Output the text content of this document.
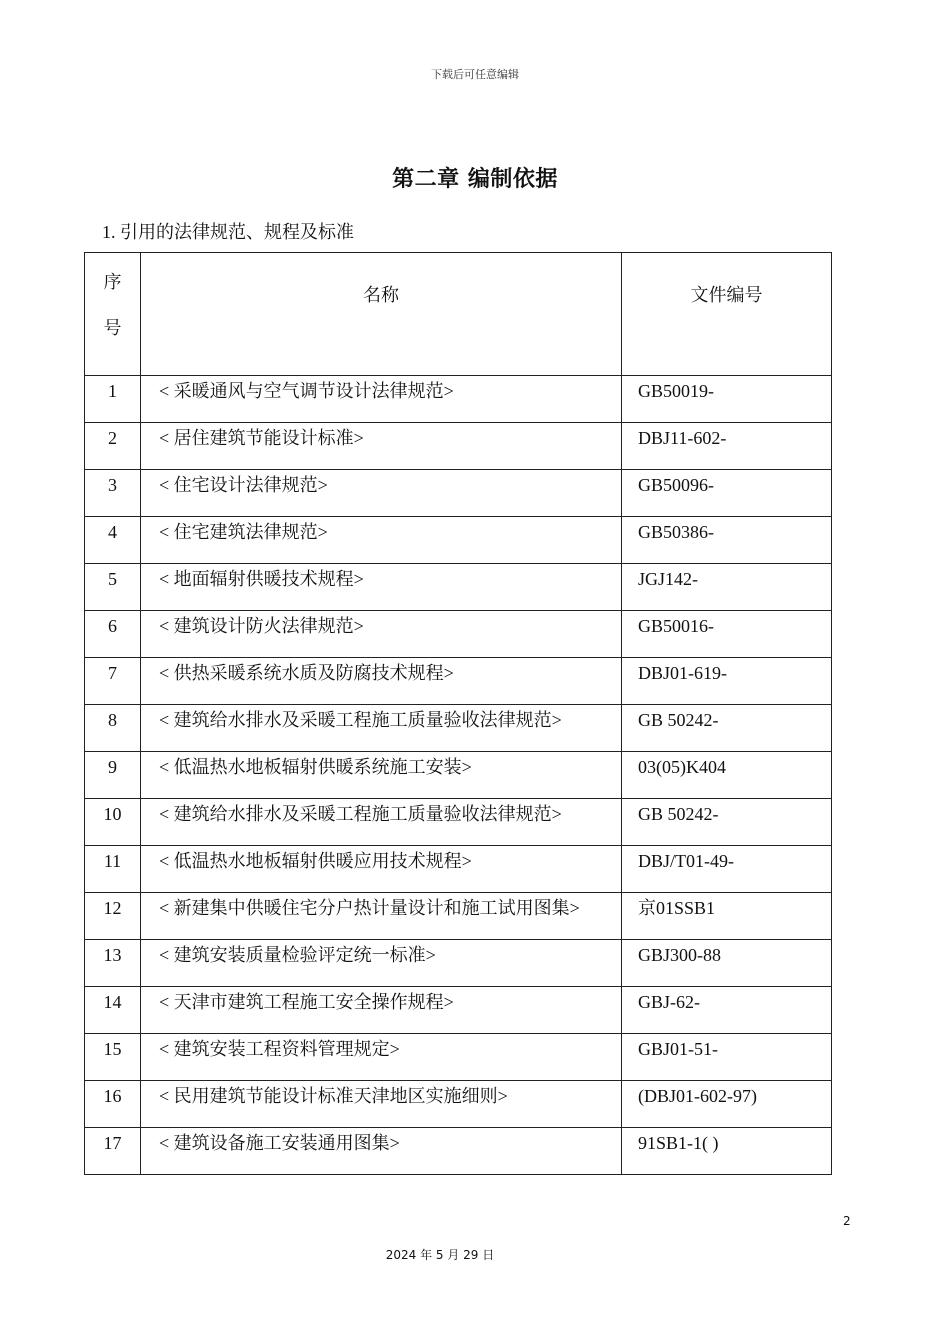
下载后可任意编辑
第二章 编制依据
1. 引用的法律规范、规程及标准
序
号	名称	文件编号
1	< 采暖通风与空气调节设计法律规范>	GB50019-
2	< 居住建筑节能设计标准>	DBJ11-602-
3	< 住宅设计法律规范>	GB50096-
4	< 住宅建筑法律规范>	GB50386-
5	< 地面辐射供暖技术规程>	JGJ142-
6	< 建筑设计防火法律规范>	GB50016-
7	< 供热采暖系统水质及防腐技术规程>	DBJ01-619-
8	< 建筑给水排水及采暖工程施工质量验收法律规范>	GB 50242-
9	< 低温热水地板辐射供暖系统施工安装>	03(05)K404
10	< 建筑给水排水及采暖工程施工质量验收法律规范>	GB 50242-
11	< 低温热水地板辐射供暖应用技术规程>	DBJ/T01-49-
12	< 新建集中供暖住宅分户热计量设计和施工试用图集>	京01SSB1
13	< 建筑安装质量检验评定统一标准>	GBJ300-88
14	< 天津市建筑工程施工安全操作规程>	GBJ-62-
15	< 建筑安装工程资料管理规定>	GBJ01-51-
16	< 民用建筑节能设计标准天津地区实施细则>	(DBJ01-602-97)
17	< 建筑设备施工安装通用图集>	91SB1-1( )
2
2024 年 5 月 29 日
